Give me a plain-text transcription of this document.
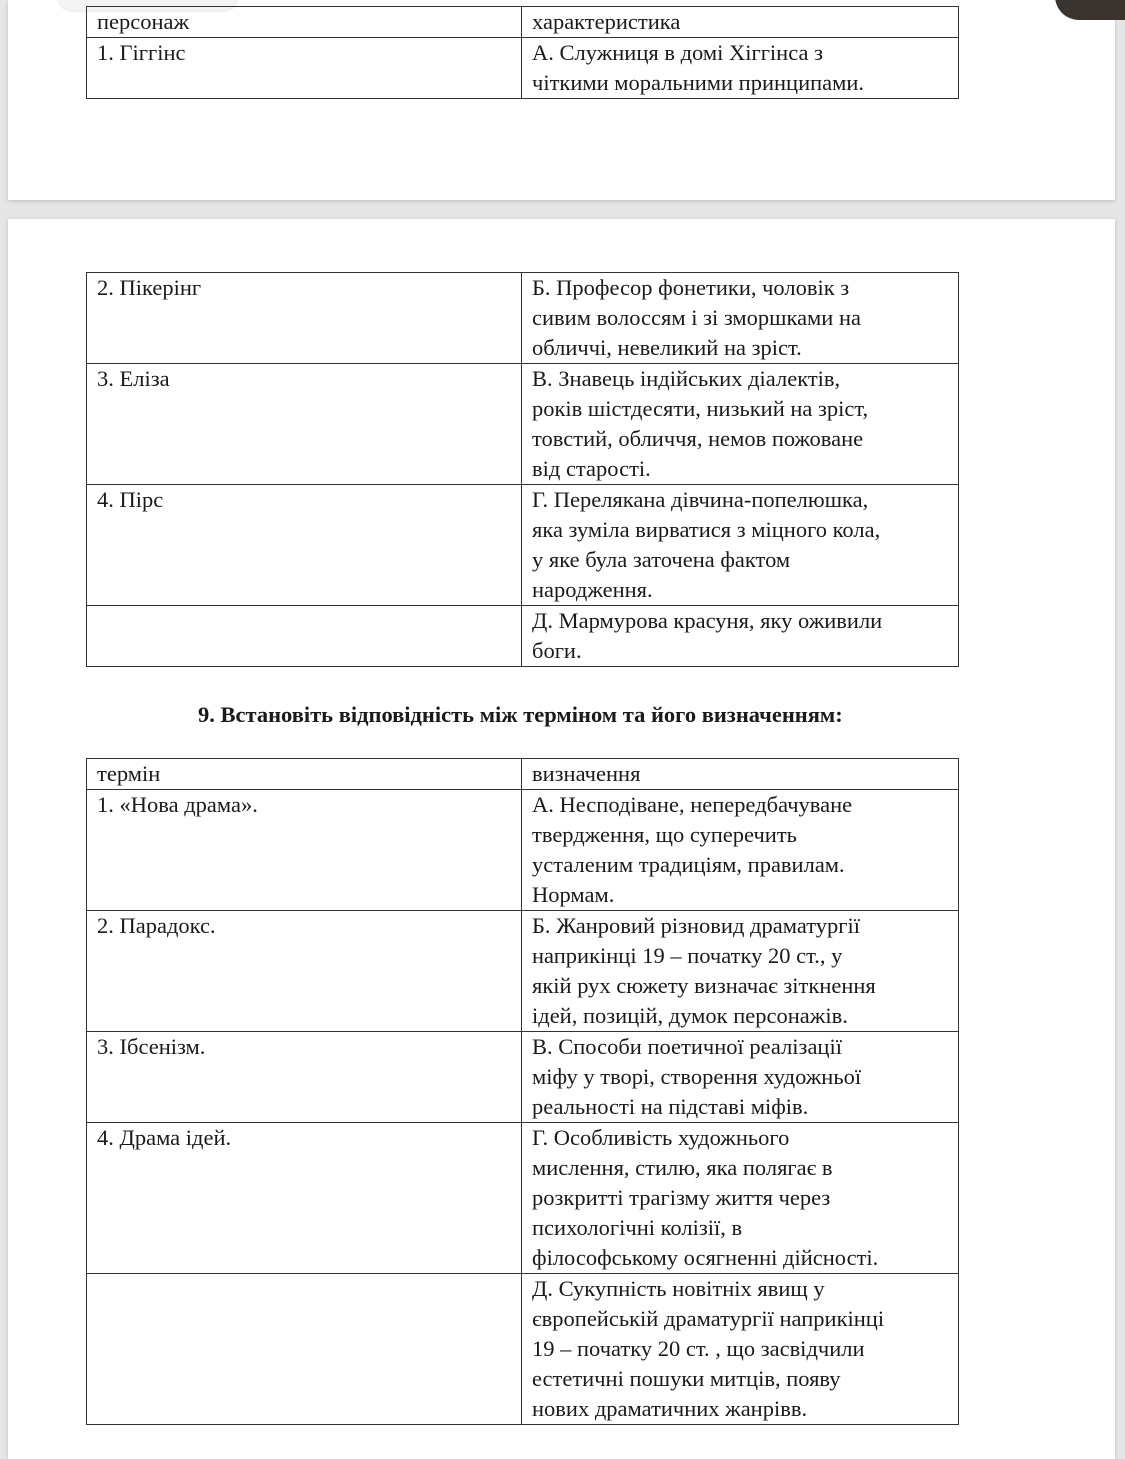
персонаж	характеристика
1. Гіггінс	А. Служниця в домі Хіггінса з
чіткими моральними принципами.
2. Пікерінг	Б. Професор фонетики, чоловік з
сивим волоссям і зі зморшками на
обличчі, невеликий на зріст.
3. Еліза	В. Знавець індійських діалектів,
років шістдесяти, низький на зріст,
товстий, обличчя, немов пожоване
від старості.
4. Пірс	Г. Перелякана дівчина-попелюшка,
яка зуміла вирватися з міцного кола,
у яке була заточена фактом
народження.
	Д. Мармурова красуня, яку оживили
боги.
9. Встановіть відповідність між терміном та його визначенням:
термін	визначення
1. «Нова драма».	А. Несподіване, непередбачуване
твердження, що суперечить
усталеним традиціям, правилам.
Нормам.
2. Парадокс.	Б. Жанровий різновид драматургії
наприкінці 19 – початку 20 ст., у
якій рух сюжету визначає зіткнення
ідей, позицій, думок персонажів.
3. Ібсенізм.	В. Способи поетичної реалізації
міфу у творі, створення художньої
реальності на підставі міфів.
4. Драма ідей.	Г. Особливість художнього
мислення, стилю, яка полягає в
розкритті трагізму життя через
психологічні колізії, в
філософському осягненні дійсності.
	Д. Сукупність новітніх явищ у
європейській драматургії наприкінці
19 – початку 20 ст. , що засвідчили
естетичні пошуки митців, появу
нових драматичних жанрівв.
